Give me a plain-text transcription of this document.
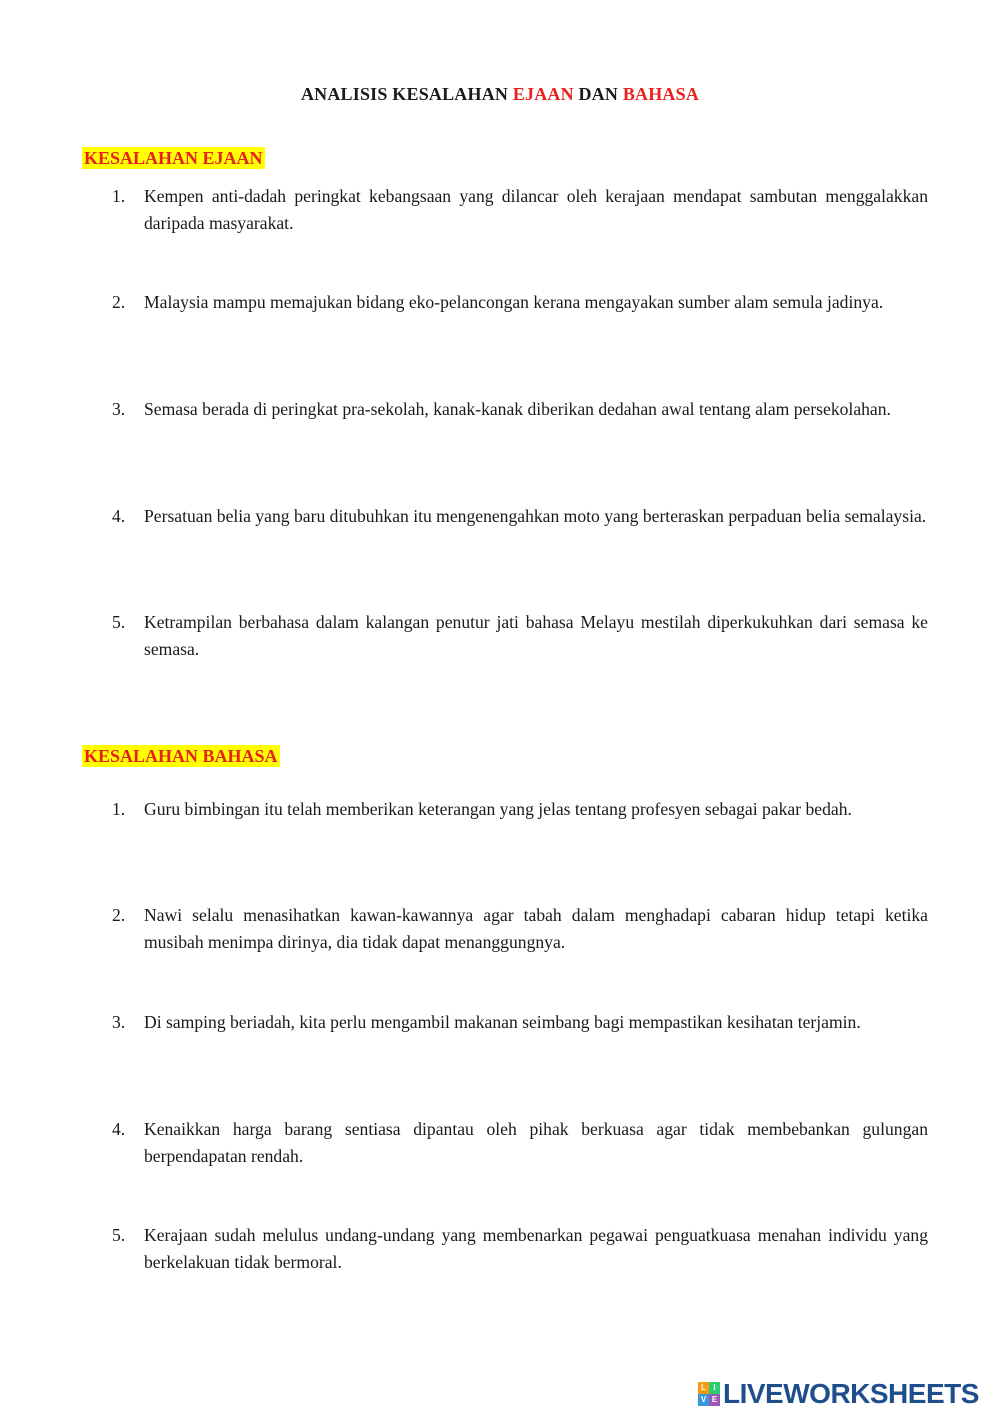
ANALISIS KESALAHAN EJAAN DAN BAHASA
KESALAHAN EJAAN
1.	Kempen anti-dadah peringkat kebangsaan yang dilancar oleh kerajaan mendapat sambutan menggalakkan daripada masyarakat.
2.	Malaysia mampu memajukan bidang eko-pelancongan kerana mengayakan sumber alam semula jadinya.
3.	Semasa berada di peringkat pra-sekolah, kanak-kanak diberikan dedahan awal tentang alam persekolahan.
4.	Persatuan belia yang baru ditubuhkan itu mengenengahkan moto yang berteraskan perpaduan belia semalaysia.
5.	Ketrampilan berbahasa dalam kalangan penutur jati bahasa Melayu mestilah diperkukuhkan dari semasa ke semasa.
KESALAHAN BAHASA
1.	Guru bimbingan itu telah memberikan keterangan yang jelas tentang profesyen sebagai pakar bedah.
2.	Nawi selalu menasihatkan kawan-kawannya agar tabah dalam menghadapi cabaran hidup tetapi ketika musibah menimpa dirinya, dia tidak dapat menanggungnya.
3.	Di samping beriadah, kita perlu mengambil makanan seimbang bagi mempastikan kesihatan terjamin.
4.	Kenaikkan harga barang sentiasa dipantau oleh pihak berkuasa agar tidak membebankan gulungan berpendapatan rendah.
5.	Kerajaan sudah melulus undang-undang yang membenarkan pegawai penguatkuasa menahan individu yang berkelakuan tidak bermoral.
L I
V E LIVEWORKSHEETS
